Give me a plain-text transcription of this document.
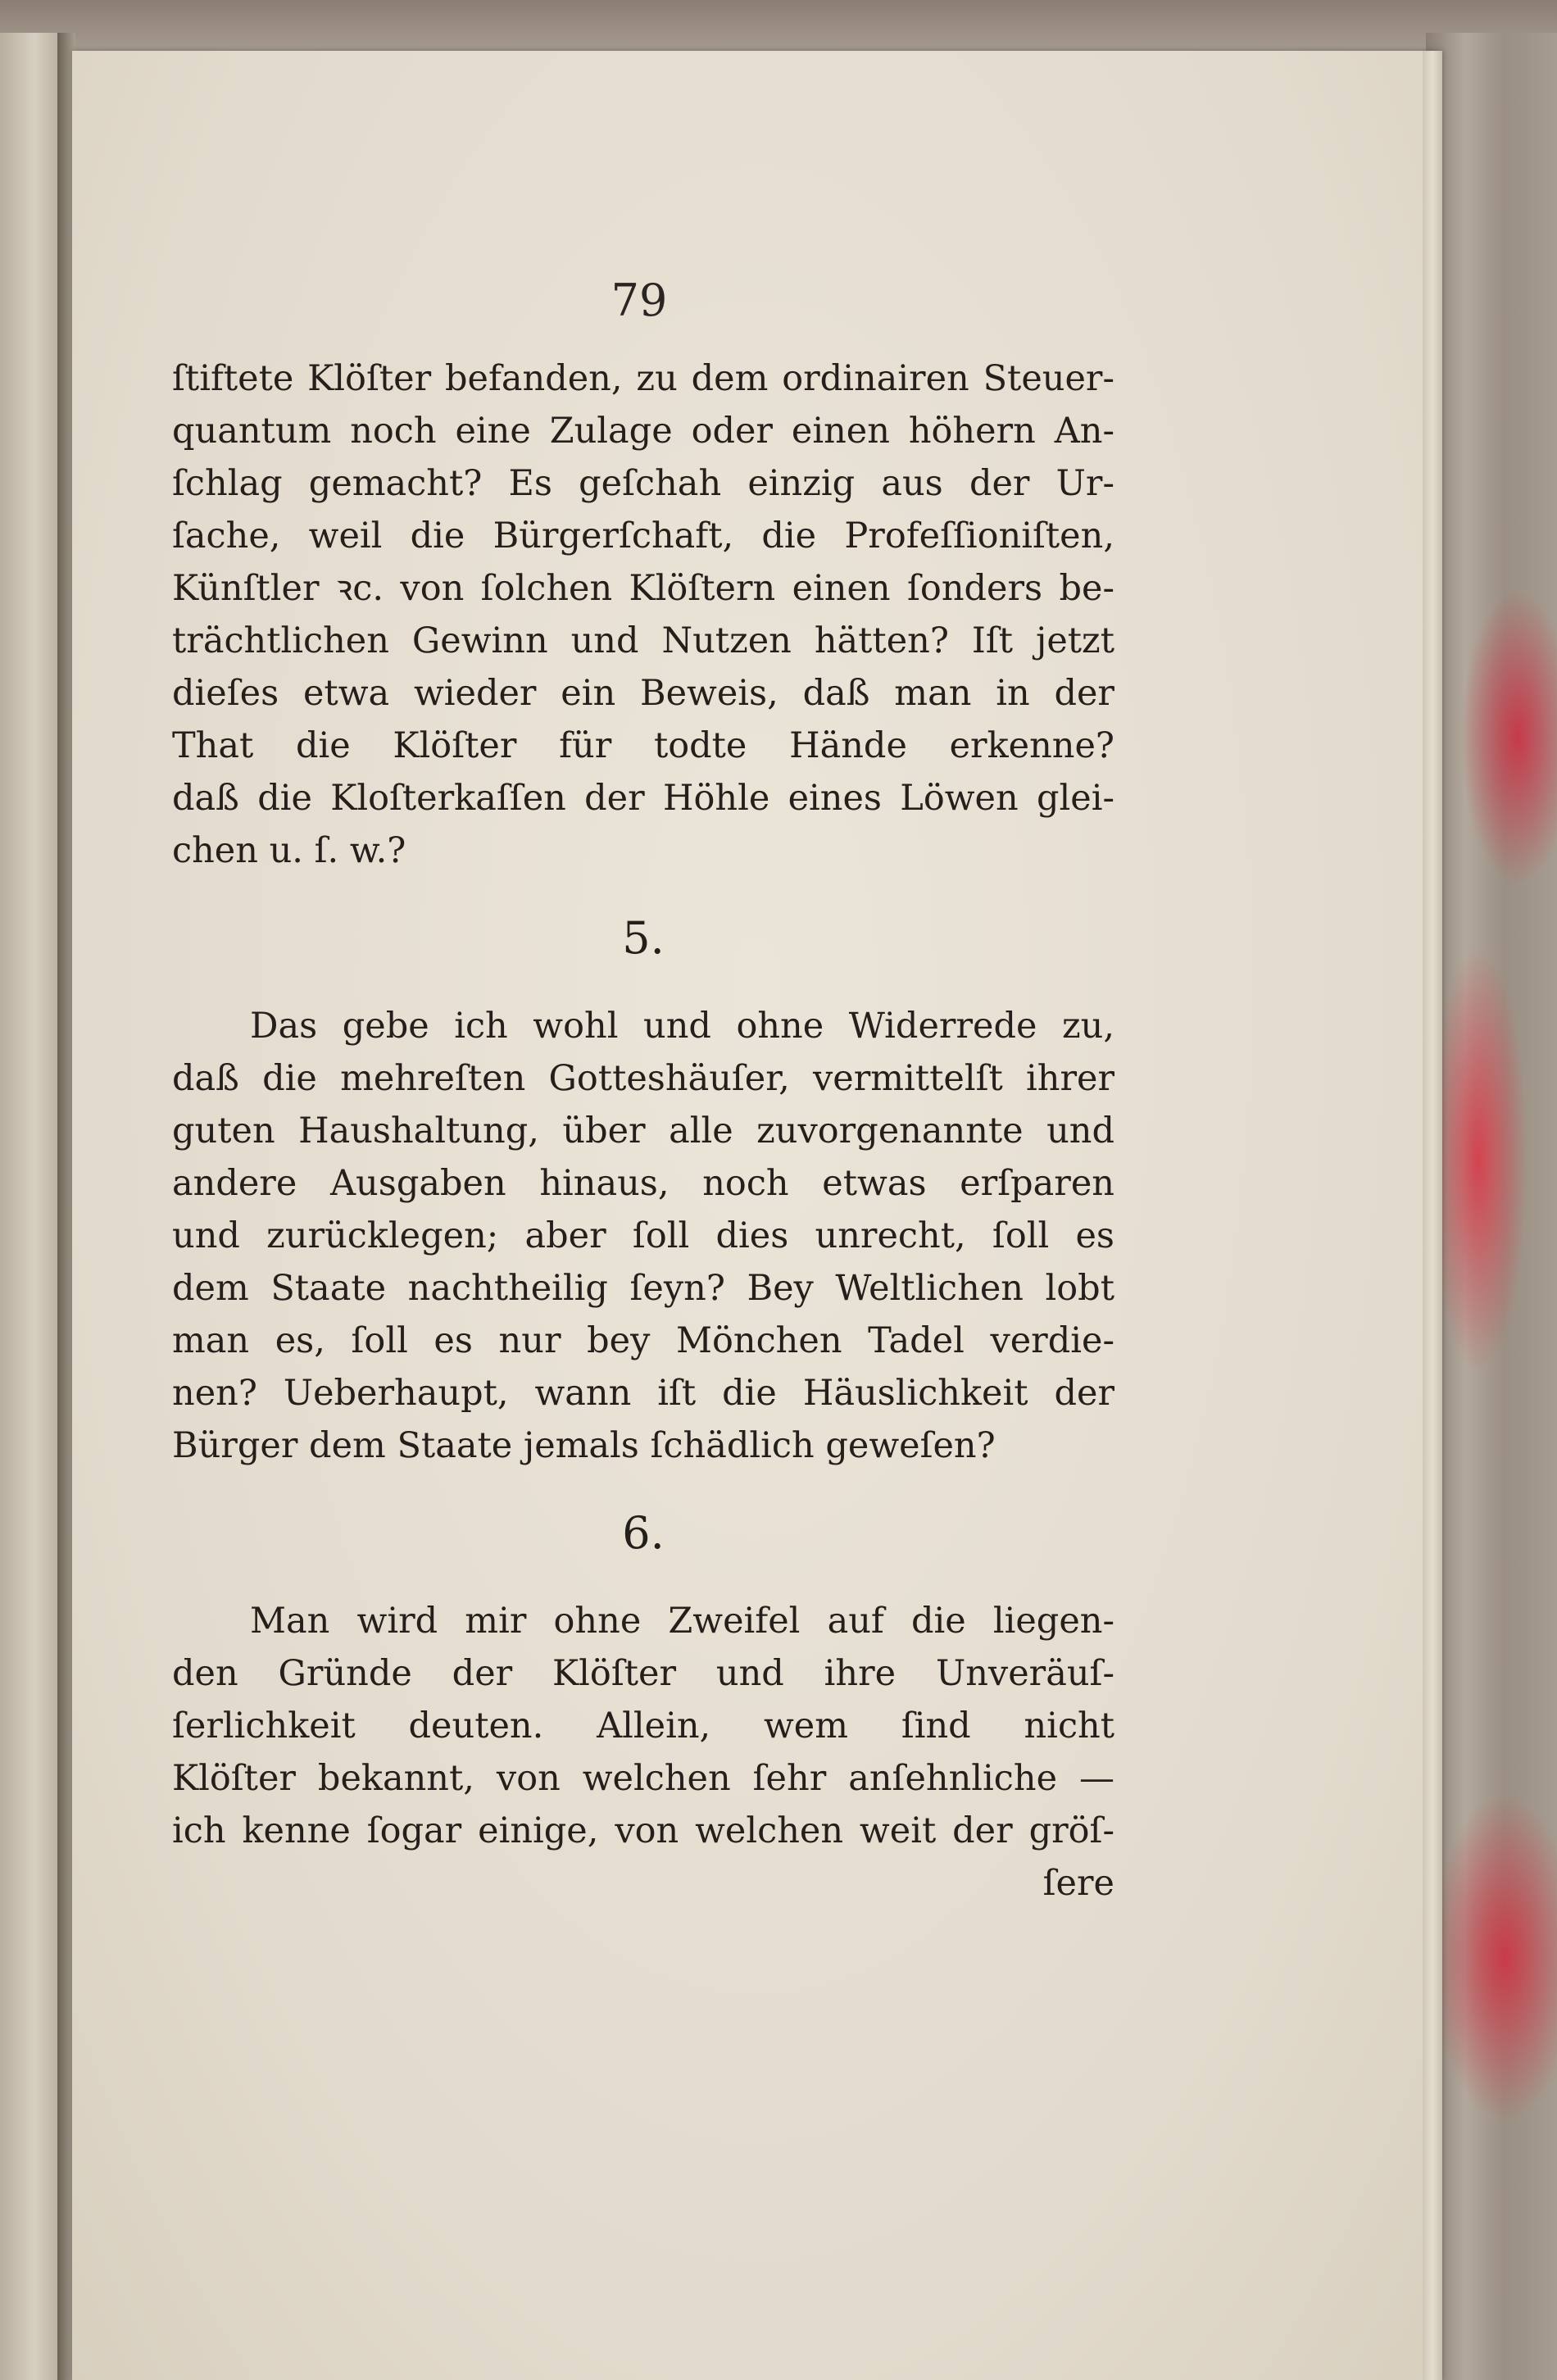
79
ſtiftete Klöſter befanden, zu dem ordinairen Steuer-
quantum noch eine Zulage oder einen höhern An-
ſchlag gemacht? Es geſchah einzig aus der Ur-
ſache, weil die Bürgerſchaft, die Profeſſioniſten,
Künſtler ꝛc. von ſolchen Klöſtern einen ſonders be-
trächtlichen Gewinn und Nutzen hätten? Iſt jetzt
dieſes etwa wieder ein Beweis, daß man in der
That die Klöſter für todte Hände erkenne?
daß die Kloſterkaſſen der Höhle eines Löwen glei-
chen u. ſ. w.?
5.
Das gebe ich wohl und ohne Widerrede zu,
daß die mehreſten Gotteshäuſer, vermittelſt ihrer
guten Haushaltung, über alle zuvorgenannte und
andere Ausgaben hinaus, noch etwas erſparen
und zurücklegen; aber ſoll dies unrecht, ſoll es
dem Staate nachtheilig ſeyn? Bey Weltlichen lobt
man es, ſoll es nur bey Mönchen Tadel verdie-
nen? Ueberhaupt, wann iſt die Häuslichkeit der
Bürger dem Staate jemals ſchädlich geweſen?
6.
Man wird mir ohne Zweifel auf die liegen-
den Gründe der Klöſter und ihre Unveräuſ-
ſerlichkeit deuten. Allein, wem ſind nicht
Klöſter bekannt, von welchen ſehr anſehnliche —
ich kenne ſogar einige, von welchen weit der gröſ-
ſere
